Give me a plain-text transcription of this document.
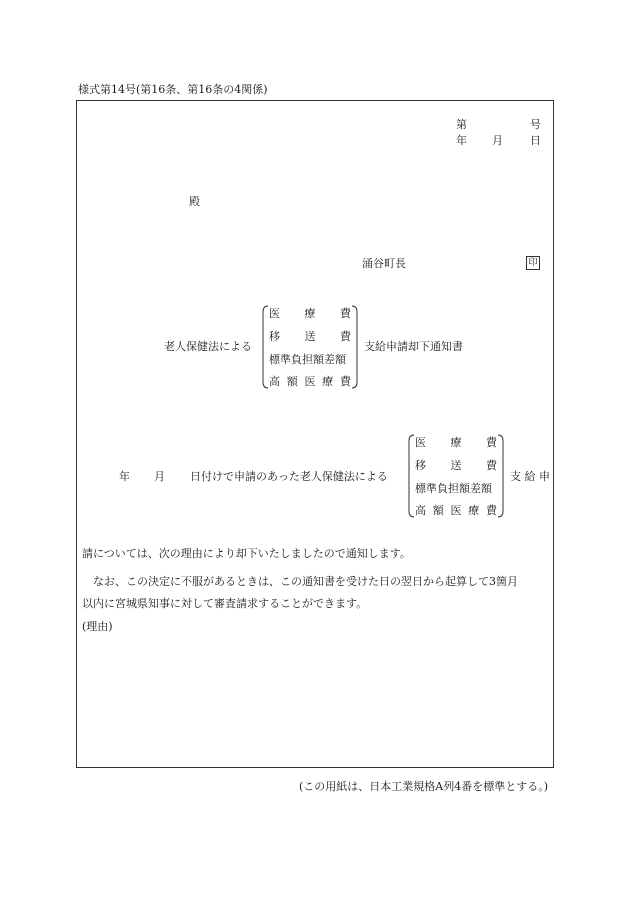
様式第14号(第16条、第16条の4関係)
第	号
年 月 日
殿
涌谷町長	印
老人保健法による
医 療 費
移 送 費
標準負担額差額
高 額 医 療 費
支給申請却下通知書
年 月 日付けで申請のあった老人保健法による
医 療 費
移 送 費
標準負担額差額
高 額 医 療 費
支 給 申
請については、次の理由により却下いたしましたので通知します。
なお、この決定に不服があるときは、この通知書を受けた日の翌日から起算して3箇月
以内に宮城県知事に対して審査請求することができます。
(理由)
(この用紙は、日本工業規格A列4番を標準とする。)
